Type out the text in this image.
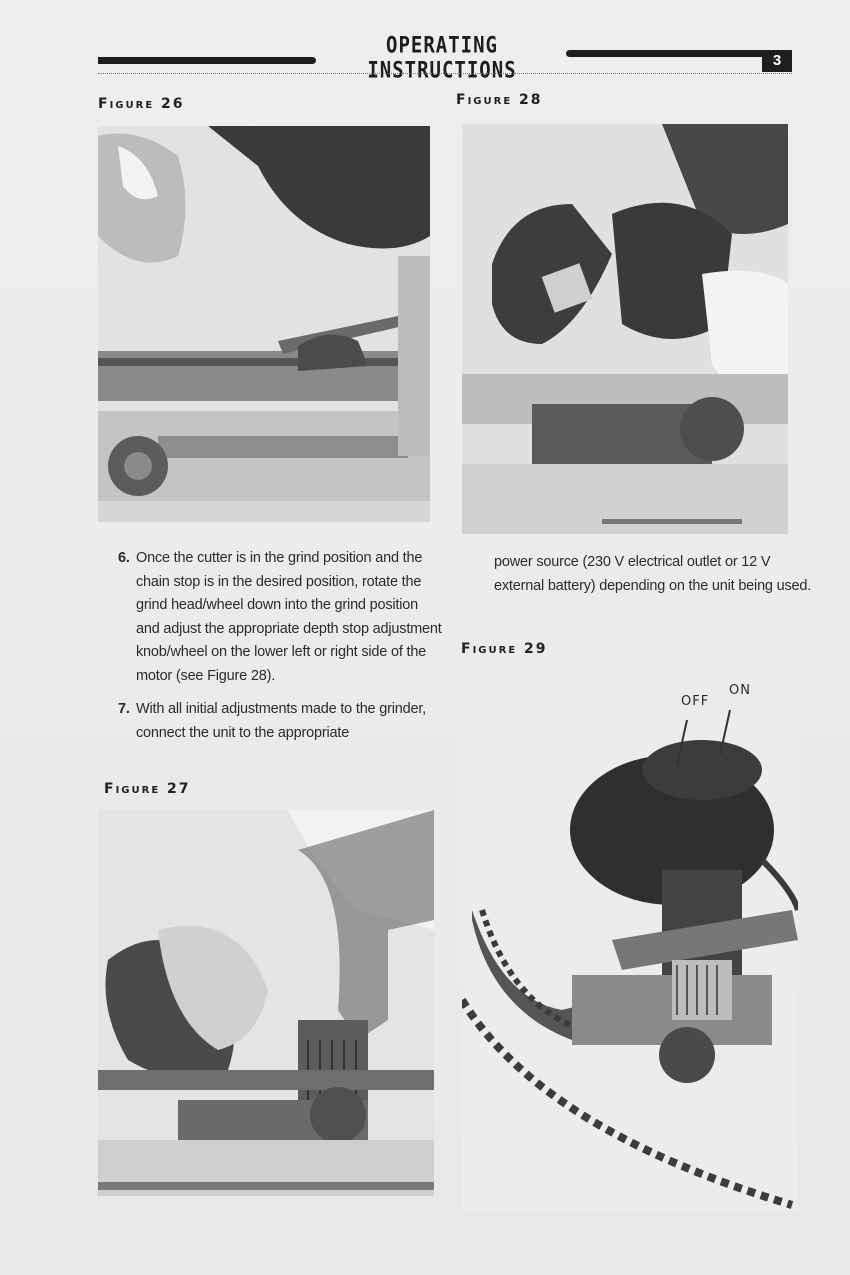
OPERATING INSTRUCTIONS	3
Figure 26	Figure 28
6. Once the cutter is in the grind position and the chain stop is in the desired position, rotate the grind head/wheel down into the grind position and adjust the appropriate depth stop adjustment knob/wheel on the lower left or right side of the motor (see Figure 28).
7. With all initial adjustments made to the grinder, connect the unit to the appropriate
power source (230 V electrical outlet or 12 V external battery) depending on the unit being used.
Figure 29
OFF
ON
Figure 27
